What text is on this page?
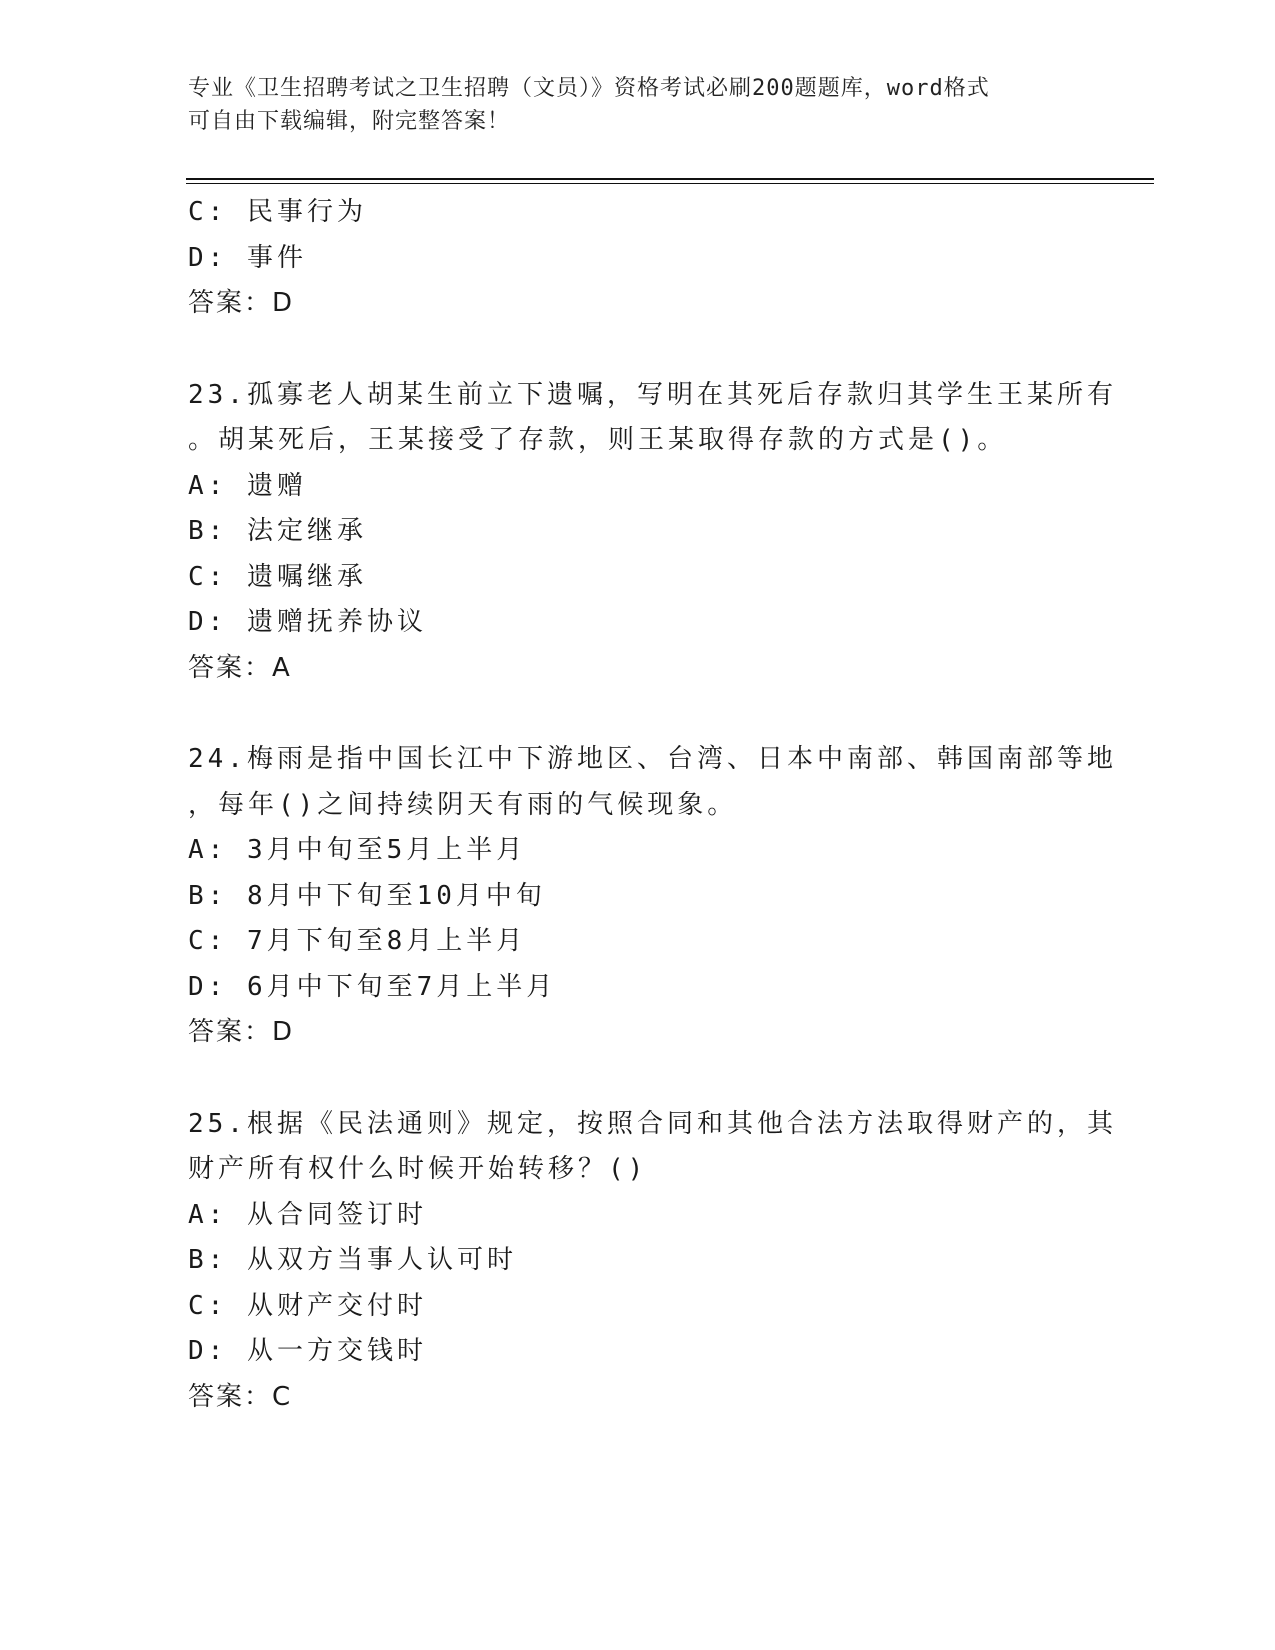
专业《卫生招聘考试之卫生招聘（文员）》资格考试必刷200题题库，word格式
可自由下载编辑，附完整答案！
C: 民事行为
D: 事件
答案：D
23.孤寡老人胡某生前立下遗嘱，写明在其死后存款归其学生王某所有
。胡某死后，王某接受了存款，则王某取得存款的方式是()。
A: 遗赠
B: 法定继承
C: 遗嘱继承
D: 遗赠抚养协议
答案：A
24.梅雨是指中国长江中下游地区、台湾、日本中南部、韩国南部等地
，每年()之间持续阴天有雨的气候现象。
A: 3月中旬至5月上半月
B: 8月中下旬至10月中旬
C: 7月下旬至8月上半月
D: 6月中下旬至7月上半月
答案：D
25.根据《民法通则》规定，按照合同和其他合法方法取得财产的，其
财产所有权什么时候开始转移？()
A: 从合同签订时
B: 从双方当事人认可时
C: 从财产交付时
D: 从一方交钱时
答案：C
